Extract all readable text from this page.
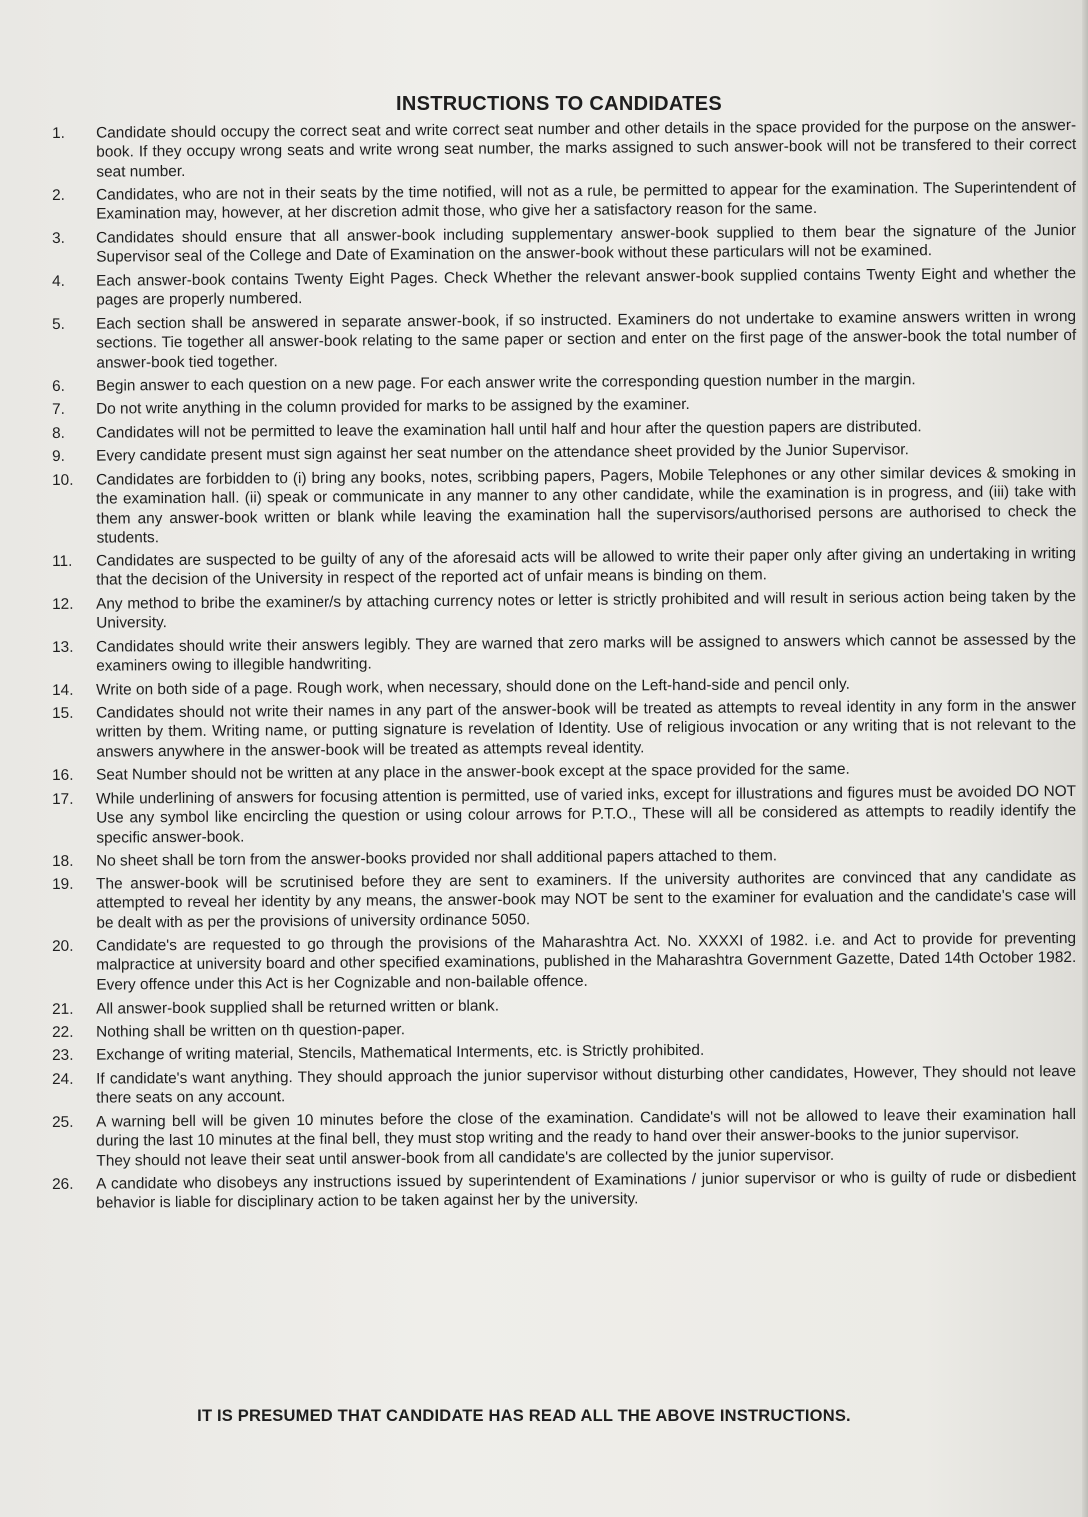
INSTRUCTIONS TO CANDIDATES
1.	Candidate should occupy the correct seat and write correct seat number and other details in the space provided for the purpose on the answer-book. If they occupy wrong seats and write wrong seat number, the marks assigned to such answer-book will not be transfered to their correct seat number.
2.	Candidates, who are not in their seats by the time notified, will not as a rule, be permitted to appear for the examination. The Superintendent of Examination may, however, at her discretion admit those, who give her a satisfactory reason for the same.
3.	Candidates should ensure that all answer-book including supplementary answer-book supplied to them bear the signature of the Junior Supervisor seal of the College and Date of Examination on the answer-book without these particulars will not be examined.
4.	Each answer-book contains Twenty Eight Pages. Check Whether the relevant answer-book supplied contains Twenty Eight and whether the pages are properly numbered.
5.	Each section shall be answered in separate answer-book, if so instructed. Examiners do not undertake to examine answers written in wrong sections. Tie together all answer-book relating to the same paper or section and enter on the first page of the answer-book the total number of answer-book tied together.
6.	Begin answer to each question on a new page. For each answer write the corresponding question number in the margin.
7.	Do not write anything in the column provided for marks to be assigned by the examiner.
8.	Candidates will not be permitted to leave the examination hall until half and hour after the question papers are distributed.
9.	Every candidate present must sign against her seat number on the attendance sheet provided by the Junior Supervisor.
10.	Candidates are forbidden to (i) bring any books, notes, scribbing papers, Pagers, Mobile Telephones or any other similar devices & smoking in the examination hall. (ii) speak or communicate in any manner to any other candidate, while the examination is in progress, and (iii) take with them any answer-book written or blank while leaving the examination hall the supervisors/authorised persons are authorised to check the students.
11.	Candidates are suspected to be guilty of any of the aforesaid acts will be allowed to write their paper only after giving an undertaking in writing that the decision of the University in respect of the reported act of unfair means is binding on them.
12.	Any method to bribe the examiner/s by attaching currency notes or letter is strictly prohibited and will result in serious action being taken by the University.
13.	Candidates should write their answers legibly. They are warned that zero marks will be assigned to answers which cannot be assessed by the examiners owing to illegible handwriting.
14.	Write on both side of a page. Rough work, when necessary, should done on the Left-hand-side and pencil only.
15.	Candidates should not write their names in any part of the answer-book will be treated as attempts to reveal identity in any form in the answer written by them. Writing name, or putting signature is revelation of Identity. Use of religious invocation or any writing that is not relevant to the answers anywhere in the answer-book will be treated as attempts reveal identity.
16.	Seat Number should not be written at any place in the answer-book except at the space provided for the same.
17.	While underlining of answers for focusing attention is permitted, use of varied inks, except for illustrations and figures must be avoided DO NOT Use any symbol like encircling the question or using colour arrows for P.T.O., These will all be considered as attempts to readily identify the specific answer-book.
18.	No sheet shall be torn from the answer-books provided nor shall additional papers attached to them.
19.	The answer-book will be scrutinised before they are sent to examiners. If the university authorites are convinced that any candidate as attempted to reveal her identity by any means, the answer-book may NOT be sent to the examiner for evaluation and the candidate's case will be dealt with as per the provisions of university ordinance 5050.
20.	Candidate's are requested to go through the provisions of the Maharashtra Act. No. XXXXI of 1982. i.e. and Act to provide for preventing malpractice at university board and other specified examinations, published in the Maharashtra Government Gazette, Dated 14th October 1982. Every offence under this Act is her Cognizable and non-bailable offence.
21.	All answer-book supplied shall be returned written or blank.
22.	Nothing shall be written on th question-paper.
23.	Exchange of writing material, Stencils, Mathematical Interments, etc. is Strictly prohibited.
24.	If candidate's want anything. They should approach the junior supervisor without disturbing other candidates, However, They should not leave there seats on any account.
25.	A warning bell will be given 10 minutes before the close of the examination. Candidate's will not be allowed to leave their examination hall during the last 10 minutes at the final bell, they must stop writing and the ready to hand over their answer-books to the junior supervisor.
They should not leave their seat until answer-book from all candidate's are collected by the junior supervisor.
26.	A candidate who disobeys any instructions issued by superintendent of Examinations / junior supervisor or who is guilty of rude or disbedient behavior is liable for disciplinary action to be taken against her by the university.
IT IS PRESUMED THAT CANDIDATE HAS READ ALL THE ABOVE INSTRUCTIONS.
